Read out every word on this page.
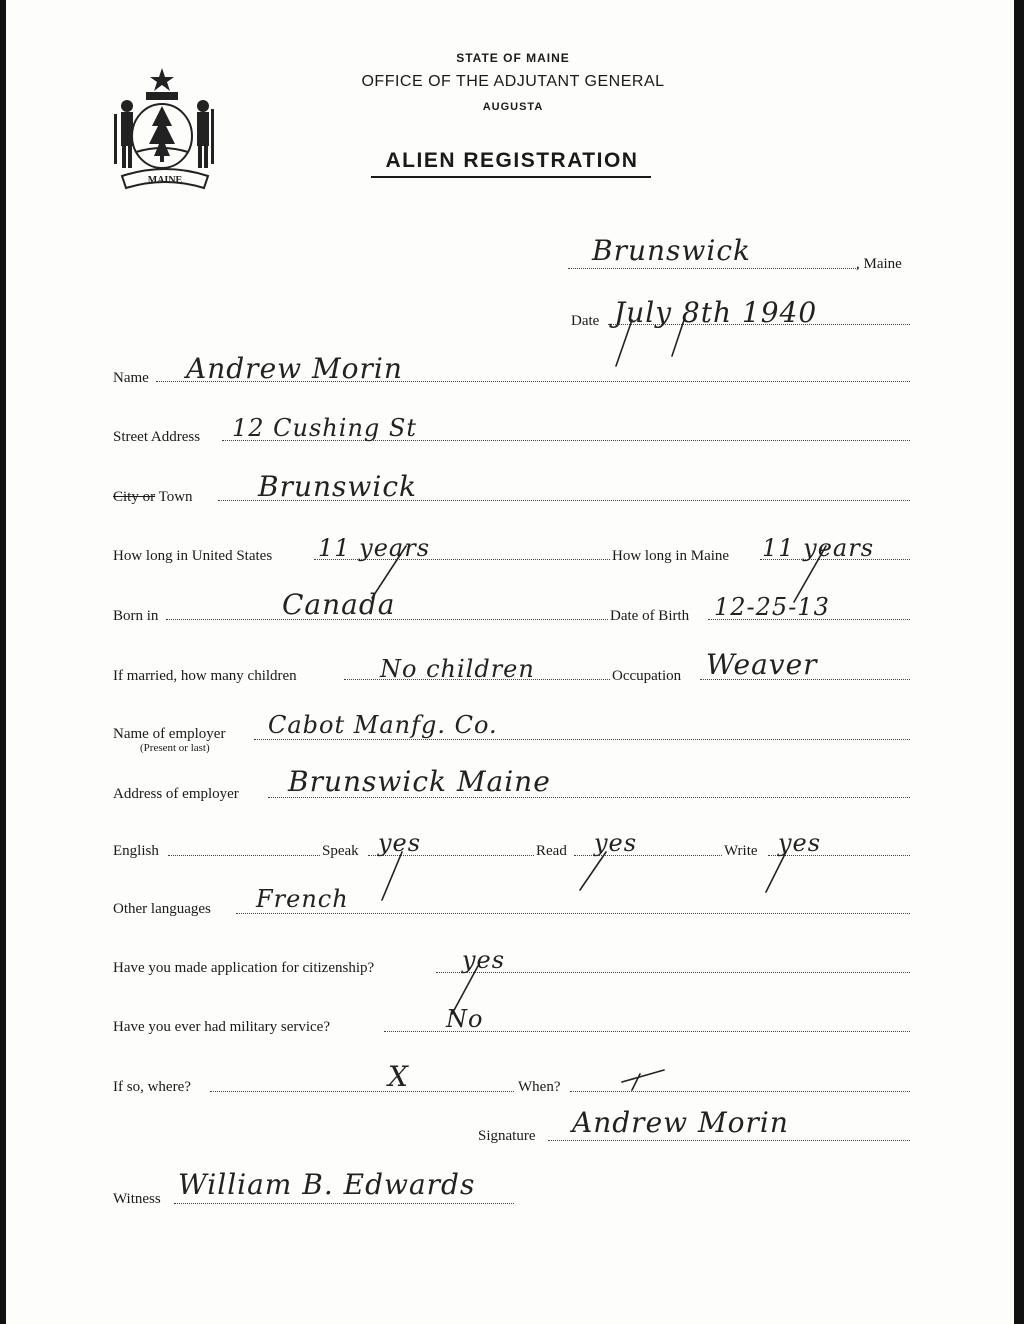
MAINE
STATE OF MAINE
OFFICE OF THE ADJUTANT GENERAL
AUGUSTA
ALIEN REGISTRATION
Brunswick	, Maine
Date July 8th 1940
Name Andrew Morin
Street Address 12 Cushing St
City or Town Brunswick
How long in United States 11 years	How long in Maine 11 years
Born in	Canada	Date of Birth 12-25-13
If married, how many children	No children	Occupation Weaver
Name of employer
(Present or last)
Cabot Manfg. Co.
Address of employer Brunswick Maine
English	Speak yes	Read yes	Write yes
Other languages French
Have you made application for citizenship?	yes
Have you ever had military service?	No
If so, where?	X	When?
Signature Andrew Morin
Witness William B. Edwards
